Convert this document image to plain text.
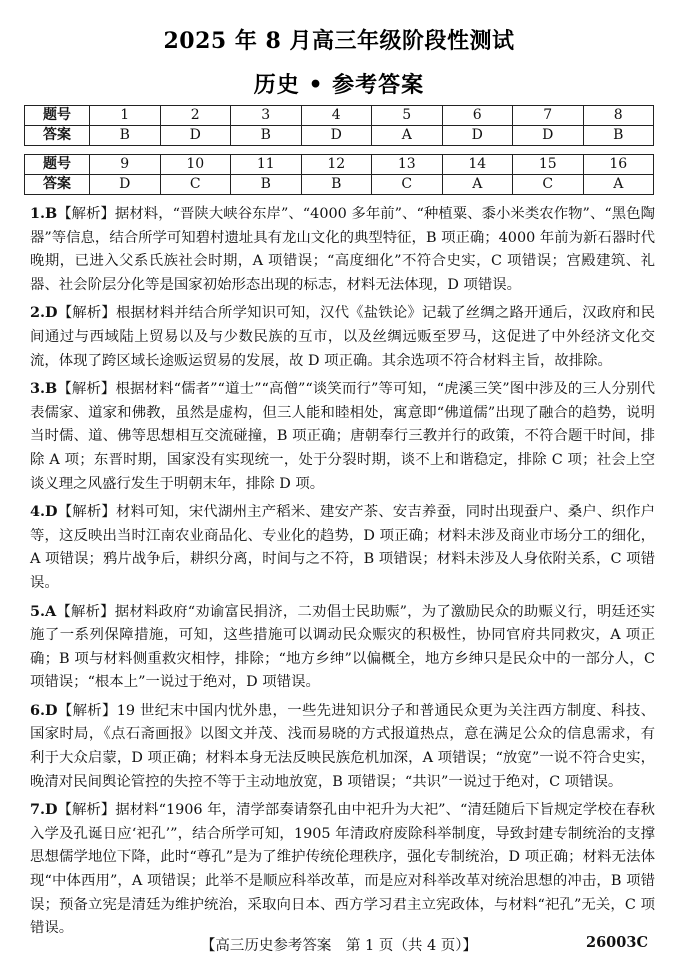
2025 年 8 月高三年级阶段性测试
历史 • 参考答案
题号	1	2	3	4	5	6	7	8
答案	B	D	B	D	A	D	D	B
题号	9	10	11	12	13	14	15	16
答案	D	C	B	B	C	A	C	A

1.B【解析】据材料，“晋陕大峡谷东岸”、“4000 多年前”、“种植粟、黍小米类农作物”、“黑色陶器”等信息，结合所学可知碧村遗址具有龙山文化的典型特征，B 项正确；4000 年前为新石器时代晚期，已进入父系氏族社会时期，A 项错误；“高度细化”不符合史实，C 项错误；宫殿建筑、礼器、社会阶层分化等是国家初始形态出现的标志，材料无法体现，D 项错误。

2.D【解析】根据材料并结合所学知识可知，汉代《盐铁论》记载了丝绸之路开通后，汉政府和民间通过与西域陆上贸易以及与少数民族的互市，以及丝绸远贩至罗马，这促进了中外经济文化交流，体现了跨区域长途贩运贸易的发展，故 D 项正确。其余选项不符合材料主旨，故排除。

3.B【解析】根据材料“儒者”“道士”“高僧”“谈笑而行”等可知，“虎溪三笑”图中涉及的三人分别代表儒家、道家和佛教，虽然是虚构，但三人能和睦相处，寓意即“佛道儒”出现了融合的趋势，说明当时儒、道、佛等思想相互交流碰撞，B 项正确；唐朝奉行三教并行的政策，不符合题干时间，排除 A 项；东晋时期，国家没有实现统一，处于分裂时期，谈不上和谐稳定，排除 C 项；社会上空谈义理之风盛行发生于明朝末年，排除 D 项。

4.D【解析】材料可知，宋代湖州主产稻米、建安产茶、安吉养蚕，同时出现蚕户、桑户、织作户等，这反映出当时江南农业商品化、专业化的趋势，D 项正确；材料未涉及商业市场分工的细化，A 项错误；鸦片战争后，耕织分离，时间与之不符，B 项错误；材料未涉及人身依附关系，C 项错误。

5.A【解析】据材料政府“劝谕富民捐济，二劝倡士民助赈”，为了激励民众的助赈义行，明廷还实施了一系列保障措施，可知，这些措施可以调动民众赈灾的积极性，协同官府共同救灾，A 项正确；B 项与材料侧重救灾相悖，排除；“地方乡绅”以偏概全，地方乡绅只是民众中的一部分人，C 项错误；“根本上”一说过于绝对，D 项错误。

6.D【解析】19 世纪末中国内忧外患，一些先进知识分子和普通民众更为关注西方制度、科技、国家时局，《点石斋画报》以图文并茂、浅而易晓的方式报道热点，意在满足公众的信息需求，有利于大众启蒙，D 项正确；材料本身无法反映民族危机加深，A 项错误；“放宽”一说不符合史实，晚清对民间舆论管控的失控不等于主动地放宽，B 项错误；“共识”一说过于绝对，C 项错误。

7.D【解析】据材料“1906 年，清学部奏请祭孔由中祀升为大祀”、“清廷随后下旨规定学校在春秋入学及孔诞日应‘祀孔’”，结合所学可知，1905 年清政府废除科举制度，导致封建专制统治的支撑思想儒学地位下降，此时“尊孔”是为了维护传统伦理秩序，强化专制统治，D 项正确；材料无法体现“中体西用”，A 项错误；此举不是顺应科举改革，而是应对科举改革对统治思想的冲击，B 项错误；预备立宪是清廷为维护统治，采取向日本、西方学习君主立宪政体，与材料“祀孔”无关，C 项错误。

【高三历史参考答案　第 1 页（共 4 页）】	26003C
